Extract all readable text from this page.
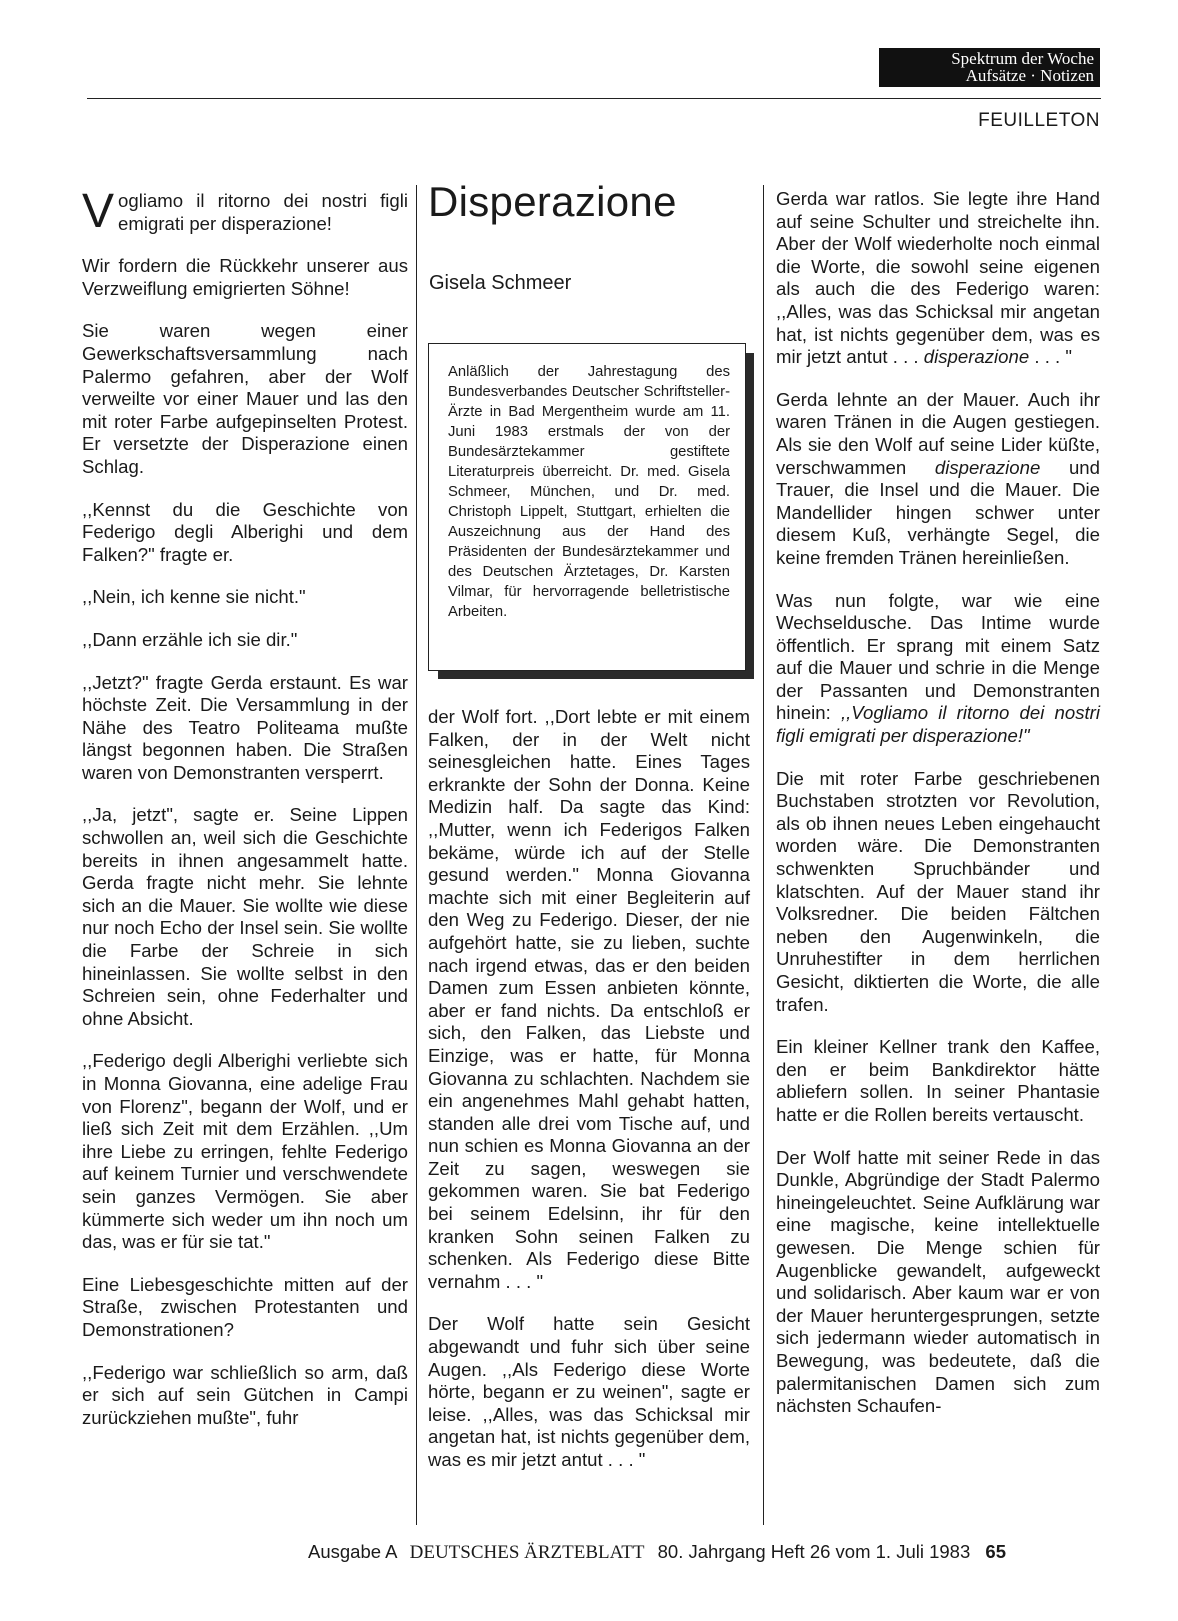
Spektrum der Woche
Aufsätze · Notizen
FEUILLETON

Vogliamo il ritorno dei nostri figli emigrati per disperazione!

Wir fordern die Rückkehr unserer aus Verzweiflung emigrierten Söhne!

Sie waren wegen einer Gewerkschaftsversammlung nach Palermo gefahren, aber der Wolf verweilte vor einer Mauer und las den mit roter Farbe aufgepinselten Protest. Er versetzte der Disperazione einen Schlag.

,,Kennst du die Geschichte von Federigo degli Alberighi und dem Falken?" fragte er.

,,Nein, ich kenne sie nicht."

,,Dann erzähle ich sie dir."

,,Jetzt?" fragte Gerda erstaunt. Es war höchste Zeit. Die Versammlung in der Nähe des Teatro Politeama mußte längst begonnen haben. Die Straßen waren von Demonstranten versperrt.

,,Ja, jetzt", sagte er. Seine Lippen schwollen an, weil sich die Geschichte bereits in ihnen angesammelt hatte. Gerda fragte nicht mehr. Sie lehnte sich an die Mauer. Sie wollte wie diese nur noch Echo der Insel sein. Sie wollte die Farbe der Schreie in sich hineinlassen. Sie wollte selbst in den Schreien sein, ohne Federhalter und ohne Absicht.

,,Federigo degli Alberighi verliebte sich in Monna Giovanna, eine adelige Frau von Florenz", begann der Wolf, und er ließ sich Zeit mit dem Erzählen. ,,Um ihre Liebe zu erringen, fehlte Federigo auf keinem Turnier und verschwendete sein ganzes Vermögen. Sie aber kümmerte sich weder um ihn noch um das, was er für sie tat."

Eine Liebesgeschichte mitten auf der Straße, zwischen Protestanten und Demonstrationen?

,,Federigo war schließlich so arm, daß er sich auf sein Gütchen in Campi zurückziehen mußte", fuhr

Disperazione
Gisela Schmeer
Anläßlich der Jahrestagung des Bundesverbandes Deutscher Schriftsteller-Ärzte in Bad Mergentheim wurde am 11. Juni 1983 erstmals der von der Bundesärztekammer gestiftete Literaturpreis überreicht. Dr. med. Gisela Schmeer, München, und Dr. med. Christoph Lippelt, Stuttgart, erhielten die Auszeichnung aus der Hand des Präsidenten der Bundesärztekammer und des Deutschen Ärztetages, Dr. Karsten Vilmar, für hervorragende belletristische Arbeiten.

der Wolf fort. ,,Dort lebte er mit einem Falken, der in der Welt nicht seinesgleichen hatte. Eines Tages erkrankte der Sohn der Donna. Keine Medizin half. Da sagte das Kind: ,,Mutter, wenn ich Federigos Falken bekäme, würde ich auf der Stelle gesund werden." Monna Giovanna machte sich mit einer Begleiterin auf den Weg zu Federigo. Dieser, der nie aufgehört hatte, sie zu lieben, suchte nach irgend etwas, das er den beiden Damen zum Essen anbieten könnte, aber er fand nichts. Da entschloß er sich, den Falken, das Liebste und Einzige, was er hatte, für Monna Giovanna zu schlachten. Nachdem sie ein angenehmes Mahl gehabt hatten, standen alle drei vom Tische auf, und nun schien es Monna Giovanna an der Zeit zu sagen, weswegen sie gekommen waren. Sie bat Federigo bei seinem Edelsinn, ihr für den kranken Sohn seinen Falken zu schenken. Als Federigo diese Bitte vernahm . . . "

Der Wolf hatte sein Gesicht abgewandt und fuhr sich über seine Augen. ,,Als Federigo diese Worte hörte, begann er zu weinen", sagte er leise. ,,Alles, was das Schicksal mir angetan hat, ist nichts gegenüber dem, was es mir jetzt antut . . . "

Gerda war ratlos. Sie legte ihre Hand auf seine Schulter und streichelte ihn. Aber der Wolf wiederholte noch einmal die Worte, die sowohl seine eigenen als auch die des Federigo waren: ,,Alles, was das Schicksal mir angetan hat, ist nichts gegenüber dem, was es mir jetzt antut . . . disperazione . . . "

Gerda lehnte an der Mauer. Auch ihr waren Tränen in die Augen gestiegen. Als sie den Wolf auf seine Lider küßte, verschwammen disperazione und Trauer, die Insel und die Mauer. Die Mandellider hingen schwer unter diesem Kuß, verhängte Segel, die keine fremden Tränen hereinließen.

Was nun folgte, war wie eine Wechseldusche. Das Intime wurde öffentlich. Er sprang mit einem Satz auf die Mauer und schrie in die Menge der Passanten und Demonstranten hinein: ,,Vogliamo il ritorno dei nostri figli emigrati per disperazione!"

Die mit roter Farbe geschriebenen Buchstaben strotzten vor Revolution, als ob ihnen neues Leben eingehaucht worden wäre. Die Demonstranten schwenkten Spruchbänder und klatschten. Auf der Mauer stand ihr Volksredner. Die beiden Fältchen neben den Augenwinkeln, die Unruhestifter in dem herrlichen Gesicht, diktierten die Worte, die alle trafen.

Ein kleiner Kellner trank den Kaffee, den er beim Bankdirektor hätte abliefern sollen. In seiner Phantasie hatte er die Rollen bereits vertauscht.

Der Wolf hatte mit seiner Rede in das Dunkle, Abgründige der Stadt Palermo hineingeleuchtet. Seine Aufklärung war eine magische, keine intellektuelle gewesen. Die Menge schien für Augenblicke gewandelt, aufgeweckt und solidarisch. Aber kaum war er von der Mauer heruntergesprungen, setzte sich jedermann wieder automatisch in Bewegung, was bedeutete, daß die palermitanischen Damen sich zum nächsten Schaufen-

Ausgabe A DEUTSCHES ÄRZTEBLATT 80. Jahrgang Heft 26 vom 1. Juli 1983 65
